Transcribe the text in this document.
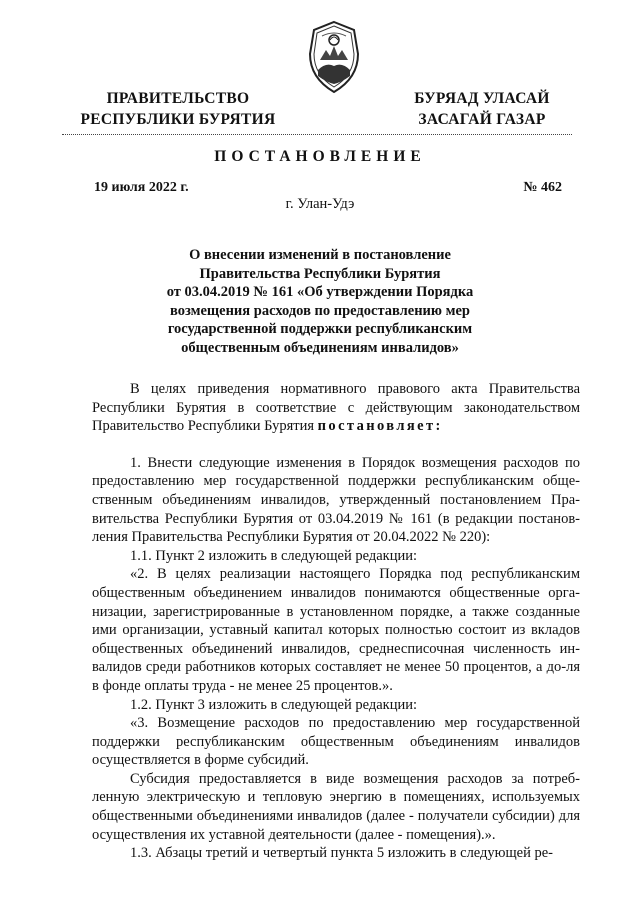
ПРАВИТЕЛЬСТВО
РЕСПУБЛИКИ БУРЯТИЯ
БУРЯАД УЛАСАЙ
ЗАСАГАЙ ГАЗАР
ПОСТАНОВЛЕНИЕ
19 июля 2022 г.	№ 462
г. Улан-Удэ
О внесении изменений в постановление
Правительства Республики Бурятия
от 03.04.2019 № 161 «Об утверждении Порядка
возмещения расходов по предоставлению мер
государственной поддержки республиканским
общественным объединениям инвалидов»

В целях приведения нормативного правового акта Правительства Республики Бурятия в соответствие с действующим законодательством Правительство Республики Бурятия постановляет:

1. Внести следующие изменения в Порядок возмещения расходов по предоставлению мер государственной поддержки республиканским обще-ственным объединениям инвалидов, утвержденный постановлением Пра-вительства Республики Бурятия от 03.04.2019 № 161 (в редакции постанов-ления Правительства Республики Бурятия от 20.04.2022 № 220):

1.1. Пункт 2 изложить в следующей редакции:

«2. В целях реализации настоящего Порядка под республиканским общественным объединением инвалидов понимаются общественные орга-низации, зарегистрированные в установленном порядке, а также созданные ими организации, уставный капитал которых полностью состоит из вкладов общественных объединений инвалидов, среднесписочная численность ин-валидов среди работников которых составляет не менее 50 процентов, а до-ля в фонде оплаты труда - не менее 25 процентов.».

1.2. Пункт 3 изложить в следующей редакции:

«3. Возмещение расходов по предоставлению мер государственной поддержки республиканским общественным объединениям инвалидов осуществляется в форме субсидий.

Субсидия предоставляется в виде возмещения расходов за потреб-ленную электрическую и тепловую энергию в помещениях, используемых общественными объединениями инвалидов (далее - получатели субсидии) для осуществления их уставной деятельности (далее - помещения).».

1.3. Абзацы третий и четвертый пункта 5 изложить в следующей ре-
